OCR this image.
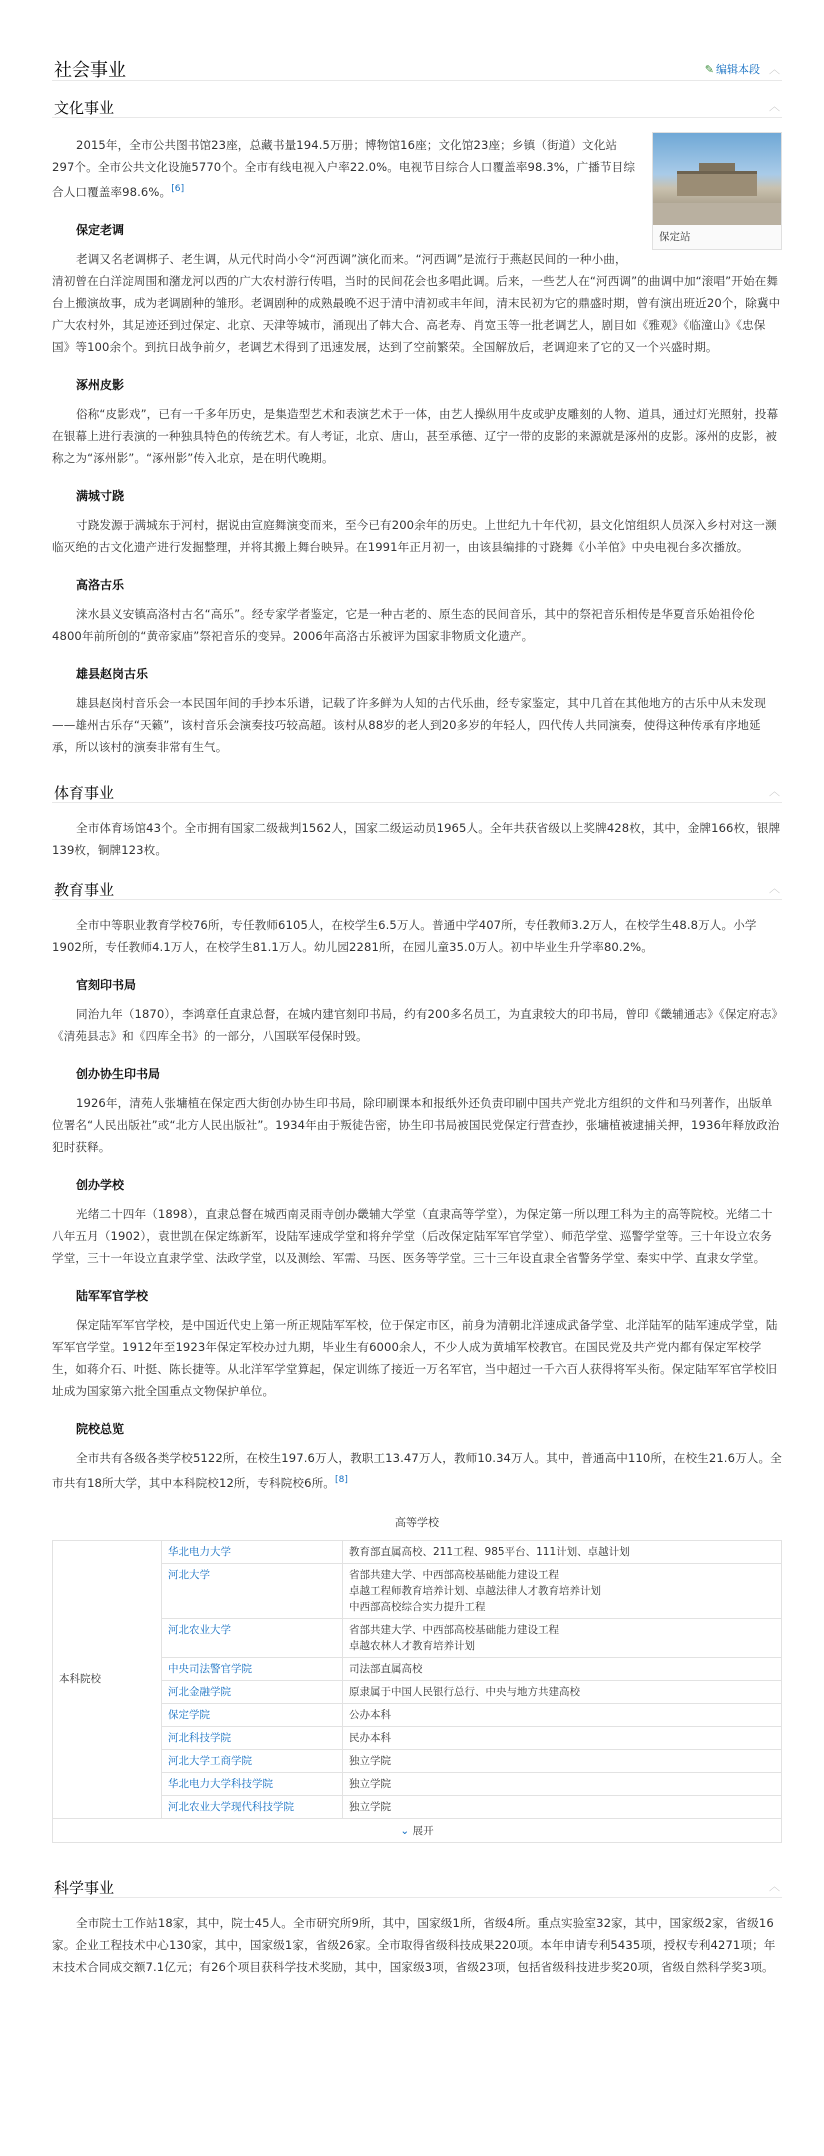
社会事业	✎ 编辑本段 ︿
文化事业	︿
保定站

2015年，全市公共图书馆23座，总藏书量194.5万册；博物馆16座；文化馆23座；乡镇（街道）文化站297个。全市公共文化设施5770个。全市有线电视入户率22.0%。电视节目综合人口覆盖率98.3%，广播节目综合人口覆盖率98.6%。[6]

保定老调

老调又名老调梆子、老生调，从元代时尚小令“河西调”演化而来。“河西调”是流行于燕赵民间的一种小曲，清初曾在白洋淀周围和潴龙河以西的广大农村游行传唱，当时的民间花会也多唱此调。后来，一些艺人在“河西调”的曲调中加“滚唱”开始在舞台上搬演故事，成为老调剧种的雏形。老调剧种的成熟最晚不迟于清中清初或丰年间，清末民初为它的鼎盛时期，曾有演出班近20个，除冀中广大农村外，其足迹还到过保定、北京、天津等城市，涌现出了韩大合、高老寿、肖宽玉等一批老调艺人，剧目如《雅观》《临潼山》《忠保国》等100余个。到抗日战争前夕，老调艺术得到了迅速发展，达到了空前繁荣。全国解放后，老调迎来了它的又一个兴盛时期。

涿州皮影

俗称“皮影戏”，已有一千多年历史，是集造型艺术和表演艺术于一体，由艺人操纵用牛皮或驴皮雕刻的人物、道具，通过灯光照射，投幕在银幕上进行表演的一种独具特色的传统艺术。有人考证，北京、唐山，甚至承德、辽宁一带的皮影的来源就是涿州的皮影。涿州的皮影，被称之为“涿州影”。“涿州影”传入北京，是在明代晚期。

满城寸跷

寸跷发源于满城东于河村，据说由宣庭舞演变而来，至今已有200余年的历史。上世纪九十年代初，县文化馆组织人员深入乡村对这一濒临灭绝的古文化遗产进行发掘整理，并将其搬上舞台映异。在1991年正月初一，由该县编排的寸跷舞《小羊倌》中央电视台多次播放。

高洛古乐

涞水县义安镇高洛村古名“高乐”。经专家学者鉴定，它是一种古老的、原生态的民间音乐，其中的祭祀音乐相传是华夏音乐始祖伶伦4800年前所创的“黄帝家庙”祭祀音乐的变异。2006年高洛古乐被评为国家非物质文化遗产。

雄县赵岗古乐

雄县赵岗村音乐会一本民国年间的手抄本乐谱，记载了许多鲜为人知的古代乐曲，经专家鉴定，其中几首在其他地方的古乐中从未发现——雄州古乐存“天籁”，该村音乐会演奏技巧较高超。该村从88岁的老人到20多岁的年轻人，四代传人共同演奏，使得这种传承有序地延承，所以该村的演奏非常有生气。

体育事业	︿

全市体育场馆43个。全市拥有国家二级裁判1562人，国家二级运动员1965人。全年共获省级以上奖牌428枚，其中，金牌166枚，银牌139枚，铜牌123枚。

教育事业	︿

全市中等职业教育学校76所，专任教师6105人，在校学生6.5万人。普通中学407所，专任教师3.2万人，在校学生48.8万人。小学1902所，专任教师4.1万人，在校学生81.1万人。幼儿园2281所，在园儿童35.0万人。初中毕业生升学率80.2%。

官刻印书局

同治九年（1870），李鸿章任直隶总督，在城内建官刻印书局，约有200多名员工，为直隶较大的印书局，曾印《畿辅通志》《保定府志》《清苑县志》和《四库全书》的一部分，八国联军侵保时毁。

创办协生印书局

1926年，清苑人张墉植在保定西大街创办协生印书局，除印刷课本和报纸外还负责印刷中国共产党北方组织的文件和马列著作，出版单位署名“人民出版社”或“北方人民出版社”。1934年由于叛徒告密，协生印书局被国民党保定行营查抄，张墉植被逮捕关押，1936年释放政治犯时获释。

创办学校

光绪二十四年（1898），直隶总督在城西南灵雨寺创办畿辅大学堂（直隶高等学堂），为保定第一所以理工科为主的高等院校。光绪二十八年五月（1902），袁世凯在保定练新军，设陆军速成学堂和将弁学堂（后改保定陆军军官学堂）、师范学堂、巡警学堂等。三十年设立农务学堂，三十一年设立直隶学堂、法政学堂，以及测绘、军需、马医、医务等学堂。三十三年设直隶全省警务学堂、秦实中学、直隶女学堂。

陆军军官学校

保定陆军军官学校，是中国近代史上第一所正规陆军军校，位于保定市区，前身为清朝北洋速成武备学堂、北洋陆军的陆军速成学堂，陆军军官学堂。1912年至1923年保定军校办过九期，毕业生有6000余人，不少人成为黄埔军校教官。在国民党及共产党内都有保定军校学生，如蒋介石、叶挺、陈长捷等。从北洋军学堂算起，保定训练了接近一万名军官，当中超过一千六百人获得将军头衔。保定陆军军官学校旧址成为国家第六批全国重点文物保护单位。

院校总览

全市共有各级各类学校5122所，在校生197.6万人，教职工13.47万人，教师10.34万人。其中，普通高中110所，在校生21.6万人。全市共有18所大学，其中本科院校12所，专科院校6所。[8]

高等学校
本科院校	华北电力大学	教育部直属高校、211工程、985平台、111计划、卓越计划

	河北大学	省部共建大学、中西部高校基础能力建设工程
卓越工程师教育培养计划、卓越法律人才教育培养计划
中西部高校综合实力提升工程

	河北农业大学	省部共建大学、中西部高校基础能力建设工程
卓越农林人才教育培养计划

	中央司法警官学院	司法部直属高校

	河北金融学院	原隶属于中国人民银行总行、中央与地方共建高校

	保定学院	公办本科

	河北科技学院	民办本科

	河北大学工商学院	独立学院

	华北电力大学科技学院	独立学院

	河北农业大学现代科技学院	独立学院
⌄ 展开
科学事业	︿

全市院士工作站18家，其中，院士45人。全市研究所9所，其中，国家级1所，省级4所。重点实验室32家，其中，国家级2家，省级16家。企业工程技术中心130家，其中，国家级1家，省级26家。全市取得省级科技成果220项。本年申请专利5435项，授权专利4271项；年末技术合同成交额7.1亿元；有26个项目获科学技术奖励，其中，国家级3项，省级23项，包括省级科技进步奖20项，省级自然科学奖3项。
